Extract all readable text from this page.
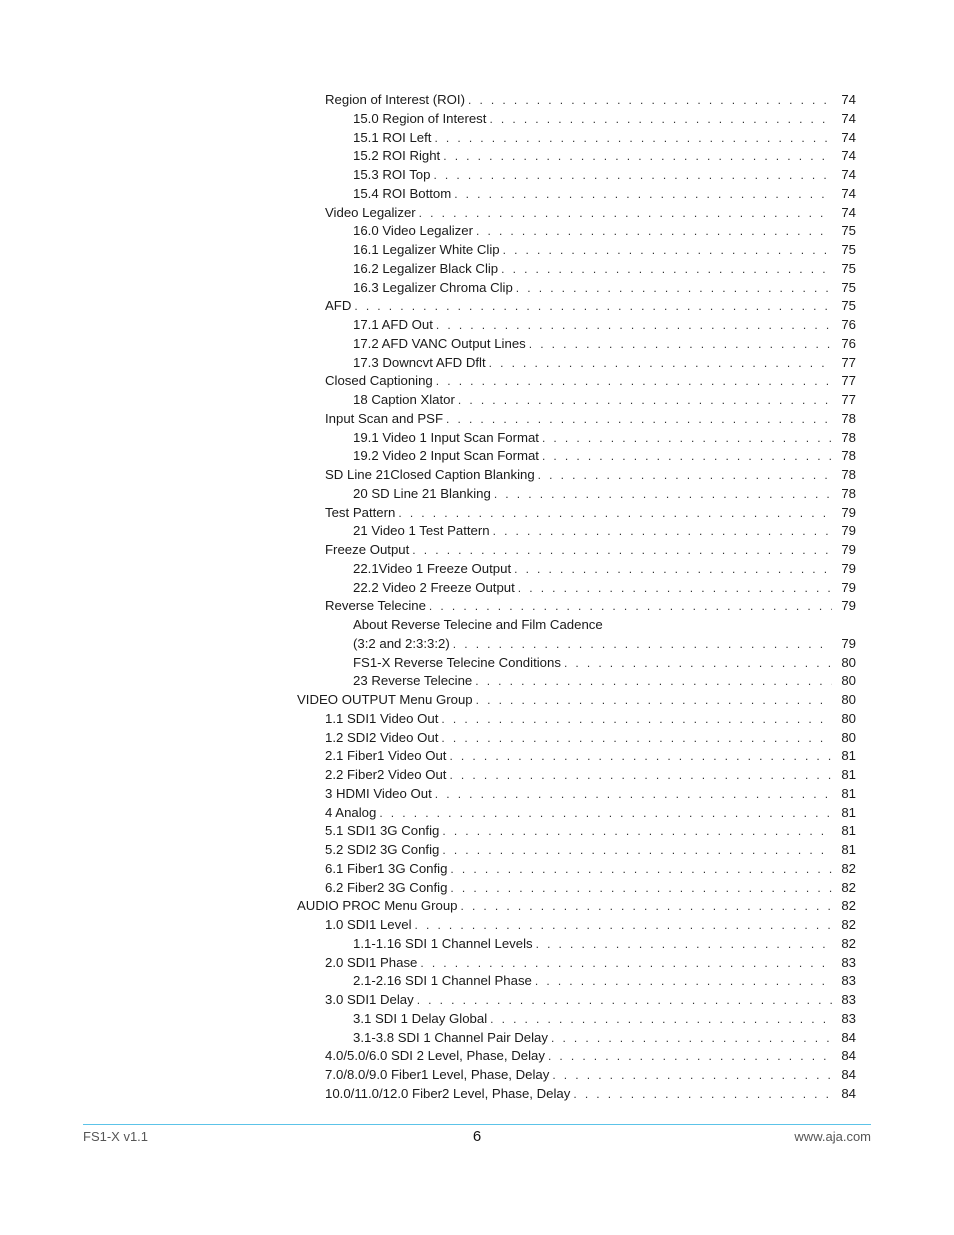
Region of Interest (ROI) . . .	74
15.0 Region of Interest . . .	74
15.1 ROI Left . . .	74
15.2 ROI Right . . .	74
15.3 ROI Top . . .	74
15.4 ROI Bottom . . .	74
Video Legalizer . . .	74
16.0 Video Legalizer . . .	75
16.1 Legalizer White Clip . . .	75
16.2 Legalizer Black Clip . . .	75
16.3 Legalizer Chroma Clip . . .	75
AFD . . .	75
17.1 AFD Out . . .	76
17.2 AFD VANC Output Lines . . .	76
17.3 Downcvt AFD Dflt . . .	77
Closed Captioning . . .	77
18 Caption Xlator . . .	77
Input Scan and PSF . . .	78
19.1 Video 1 Input Scan Format . . .	78
19.2 Video 2 Input Scan Format . . .	78
SD Line 21Closed Caption Blanking . . .	78
20 SD Line 21 Blanking . . .	78
Test Pattern . . .	79
21 Video 1 Test Pattern . . .	79
Freeze Output . . .	79
22.1Video 1 Freeze Output . . .	79
22.2 Video 2 Freeze Output . . .	79
Reverse Telecine . . .	79
About Reverse Telecine and Film Cadence
(3:2 and 2:3:3:2) . . .	79
FS1-X Reverse Telecine Conditions . . .	80
23 Reverse Telecine . . .	80
VIDEO OUTPUT Menu Group . . .	80
1.1 SDI1 Video Out . . .	80
1.2 SDI2 Video Out . . .	80
2.1 Fiber1 Video Out . . .	81
2.2 Fiber2 Video Out . . .	81
3 HDMI Video Out . . .	81
4 Analog . . .	81
5.1 SDI1 3G Config . . .	81
5.2 SDI2 3G Config . . .	81
6.1 Fiber1 3G Config . . .	82
6.2 Fiber2 3G Config . . .	82
AUDIO PROC Menu Group . . .	82
1.0 SDI1 Level . . .	82
1.1-1.16 SDI 1 Channel Levels . . .	82
2.0 SDI1 Phase . . .	83
2.1-2.16 SDI 1 Channel Phase . . .	83
3.0 SDI1 Delay . . .	83
3.1 SDI 1 Delay Global . . .	83
3.1-3.8 SDI 1 Channel Pair Delay . . .	84
4.0/5.0/6.0 SDI 2 Level, Phase, Delay . . .	84
7.0/8.0/9.0 Fiber1 Level, Phase, Delay . . .	84
10.0/11.0/12.0 Fiber2 Level, Phase, Delay . . .	84
FS1-X v1.1	6	www.aja.com
